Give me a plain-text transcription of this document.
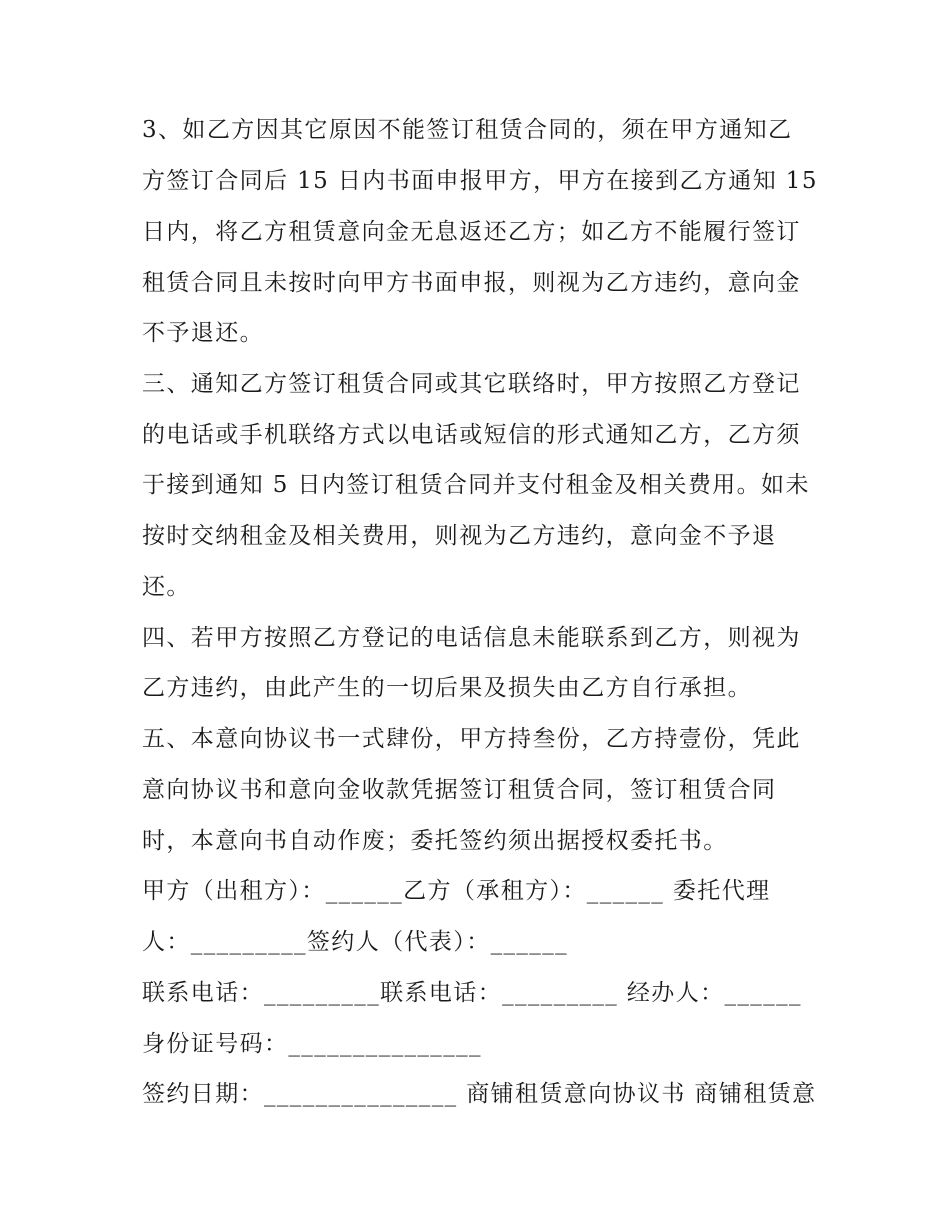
3、如乙方因其它原因不能签订租赁合同的，须在甲方通知乙
方签订合同后 15 日内书面申报甲方，甲方在接到乙方通知 15
日内，将乙方租赁意向金无息返还乙方；如乙方不能履行签订
租赁合同且未按时向甲方书面申报，则视为乙方违约，意向金
不予退还。
三、通知乙方签订租赁合同或其它联络时，甲方按照乙方登记
的电话或手机联络方式以电话或短信的形式通知乙方，乙方须
于接到通知 5 日内签订租赁合同并支付租金及相关费用。如未
按时交纳租金及相关费用，则视为乙方违约，意向金不予退
还。
四、若甲方按照乙方登记的电话信息未能联系到乙方，则视为
乙方违约，由此产生的一切后果及损失由乙方自行承担。
五、本意向协议书一式肆份，甲方持叁份，乙方持壹份，凭此
意向协议书和意向金收款凭据签订租赁合同，签订租赁合同
时，本意向书自动作废；委托签约须出据授权委托书。
甲方（出租方）：______乙方（承租方）：______ 委托代理
人：_________签约人（代表）：______
联系电话：_________联系电话：_________ 经办人：______
身份证号码：_______________
签约日期：_______________ 商铺租赁意向协议书 商铺租赁意
